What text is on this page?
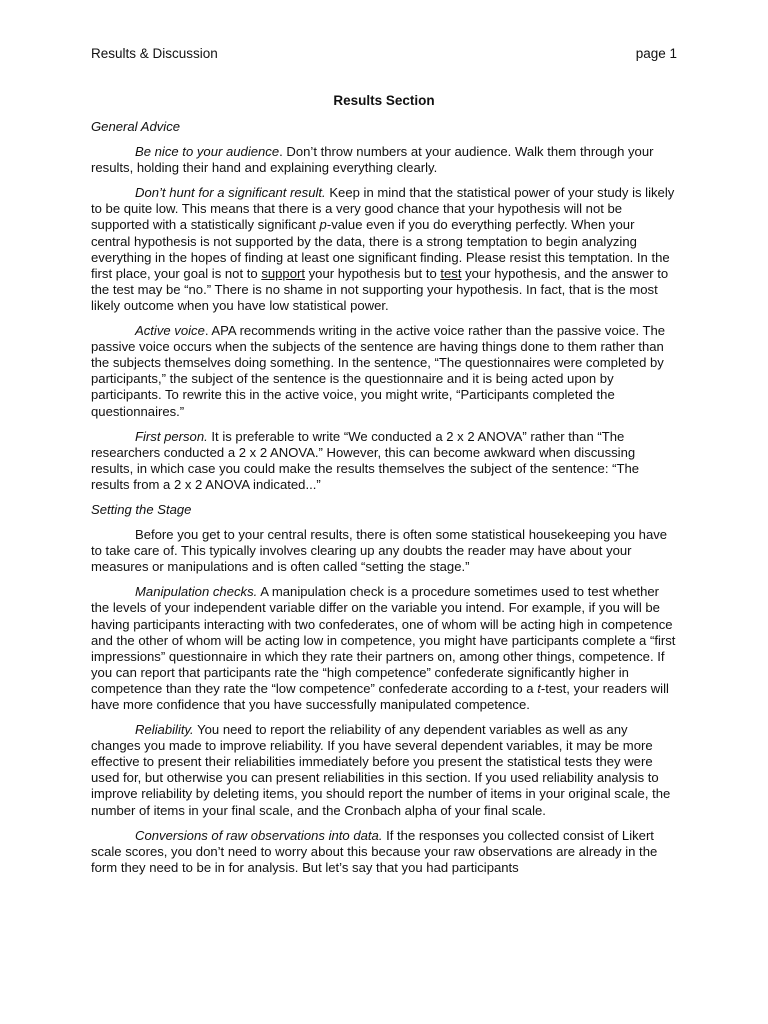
Results & Discussion	page 1
Results Section
General Advice

Be nice to your audience. Don’t throw numbers at your audience. Walk them through your results, holding their hand and explaining everything clearly.

Don’t hunt for a significant result. Keep in mind that the statistical power of your study is likely to be quite low. This means that there is a very good chance that your hypothesis will not be supported with a statistically significant p-value even if you do everything perfectly. When your central hypothesis is not supported by the data, there is a strong temptation to begin analyzing everything in the hopes of finding at least one significant finding. Please resist this temptation. In the first place, your goal is not to support your hypothesis but to test your hypothesis, and the answer to the test may be “no.” There is no shame in not supporting your hypothesis. In fact, that is the most likely outcome when you have low statistical power.

Active voice. APA recommends writing in the active voice rather than the passive voice. The passive voice occurs when the subjects of the sentence are having things done to them rather than the subjects themselves doing something. In the sentence, “The questionnaires were completed by participants,” the subject of the sentence is the questionnaire and it is being acted upon by participants. To rewrite this in the active voice, you might write, “Participants completed the questionnaires.”

First person. It is preferable to write “We conducted a 2 x 2 ANOVA” rather than “The researchers conducted a 2 x 2 ANOVA.” However, this can become awkward when discussing results, in which case you could make the results themselves the subject of the sentence: “The results from a 2 x 2 ANOVA indicated...”

Setting the Stage

Before you get to your central results, there is often some statistical housekeeping you have to take care of. This typically involves clearing up any doubts the reader may have about your measures or manipulations and is often called “setting the stage.”

Manipulation checks. A manipulation check is a procedure sometimes used to test whether the levels of your independent variable differ on the variable you intend. For example, if you will be having participants interacting with two confederates, one of whom will be acting high in competence and the other of whom will be acting low in competence, you might have participants complete a “first impressions” questionnaire in which they rate their partners on, among other things, competence. If you can report that participants rate the “high competence” confederate significantly higher in competence than they rate the “low competence” confederate according to a t-test, your readers will have more confidence that you have successfully manipulated competence.

Reliability. You need to report the reliability of any dependent variables as well as any changes you made to improve reliability. If you have several dependent variables, it may be more effective to present their reliabilities immediately before you present the statistical tests they were used for, but otherwise you can present reliabilities in this section. If you used reliability analysis to improve reliability by deleting items, you should report the number of items in your original scale, the number of items in your final scale, and the Cronbach alpha of your final scale.

Conversions of raw observations into data. If the responses you collected consist of Likert scale scores, you don’t need to worry about this because your raw observations are already in the form they need to be in for analysis. But let’s say that you had participants
